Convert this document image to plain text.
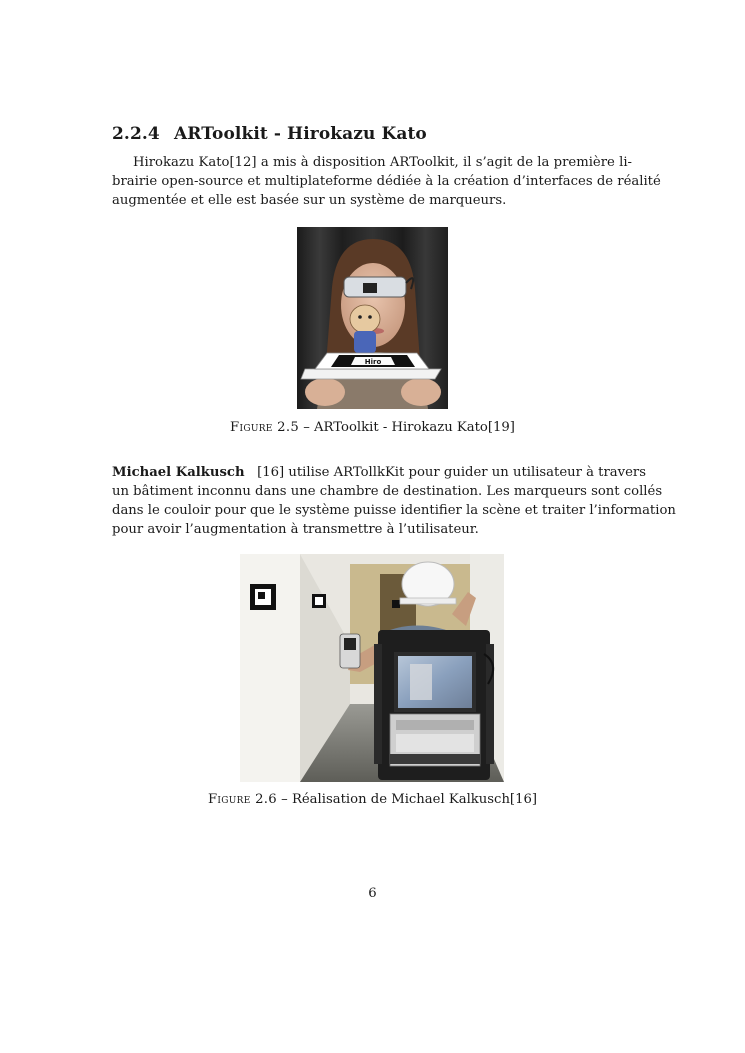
2.2.4 ARToolkit - Hirokazu Kato
Hirokazu Kato[12] a mis à disposition ARToolkit, il s’agit de la première li-
brairie open-source et multiplateforme dédiée à la création d’interfaces de réalité
augmentée et elle est basée sur un système de marqueurs.
Hiro

Figure 2.5 – ARToolkit - Hirokazu Kato[19]

Michael Kalkusch [16] utilise ARTollkKit pour guider un utilisateur à travers
un bâtiment inconnu dans une chambre de destination. Les marqueurs sont collés
dans le couloir pour que le système puisse identifier la scène et traiter l’information
pour avoir l’augmentation à transmettre à l’utilisateur.

Figure 2.6 – Réalisation de Michael Kalkusch[16]

6
